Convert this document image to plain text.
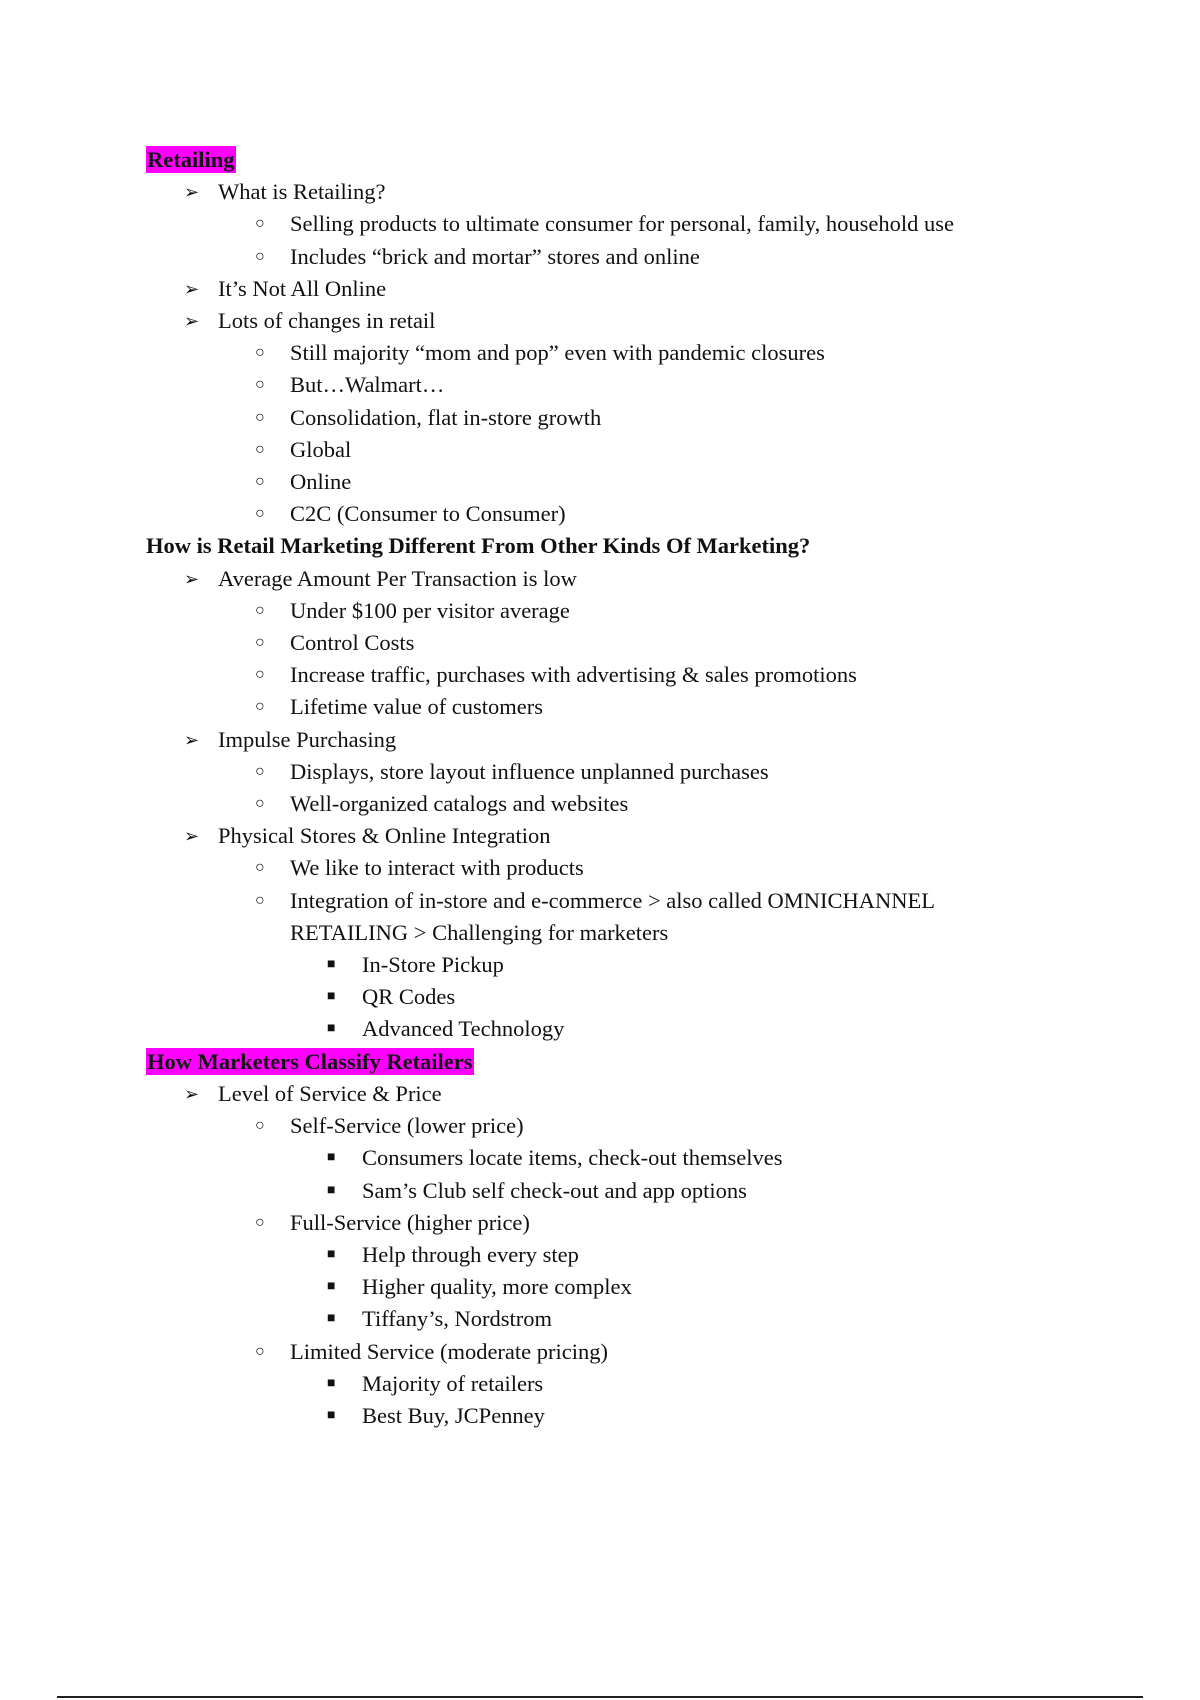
Retailing
➢ What is Retailing?
○ Selling products to ultimate consumer for personal, family, household use
○ Includes “brick and mortar” stores and online
➢ It’s Not All Online
➢ Lots of changes in retail
○ Still majority “mom and pop” even with pandemic closures
○ But…Walmart…
○ Consolidation, flat in-store growth
○ Global
○ Online
○ C2C (Consumer to Consumer)
How is Retail Marketing Different From Other Kinds Of Marketing?
➢ Average Amount Per Transaction is low
○ Under $100 per visitor average
○ Control Costs
○ Increase traffic, purchases with advertising & sales promotions
○ Lifetime value of customers
➢ Impulse Purchasing
○ Displays, store layout influence unplanned purchases
○ Well-organized catalogs and websites
➢ Physical Stores & Online Integration
○ We like to interact with products
○ Integration of in-store and e-commerce > also called OMNICHANNEL
RETAILING > Challenging for marketers
■ In-Store Pickup
■ QR Codes
■ Advanced Technology
How Marketers Classify Retailers
➢ Level of Service & Price
○ Self-Service (lower price)
■ Consumers locate items, check-out themselves
■ Sam’s Club self check-out and app options
○ Full-Service (higher price)
■ Help through every step
■ Higher quality, more complex
■ Tiffany’s, Nordstrom
○ Limited Service (moderate pricing)
■ Majority of retailers
■ Best Buy, JCPenney
